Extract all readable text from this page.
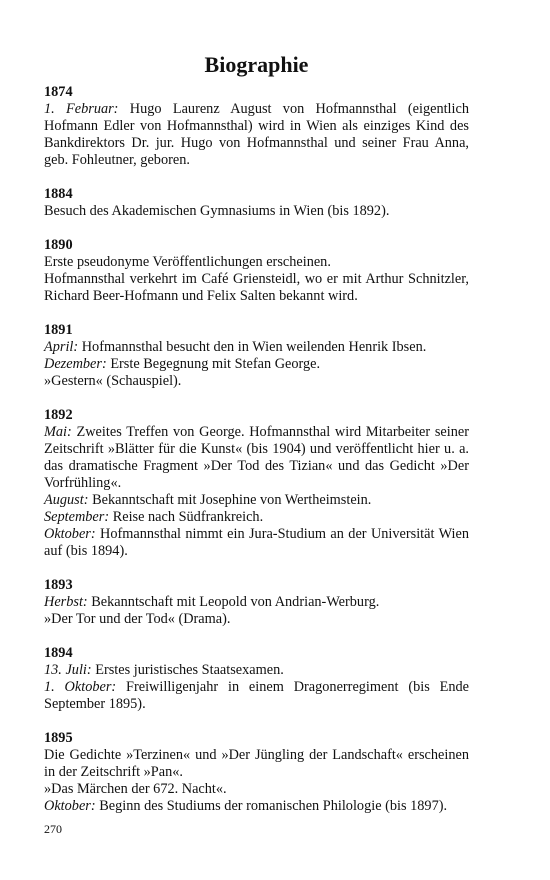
Biographie
1874
1. Februar: Hugo Laurenz August von Hofmannsthal (eigentlich Hofmann Edler von Hofmannsthal) wird in Wien als einziges Kind des Bankdirektors Dr. jur. Hugo von Hofmannsthal und seiner Frau Anna, geb. Fohleutner, geboren.
1884
Besuch des Akademischen Gymnasiums in Wien (bis 1892).
1890
Erste pseudonyme Veröffentlichungen erscheinen.
Hofmannsthal verkehrt im Café Griensteidl, wo er mit Arthur Schnitzler, Richard Beer-Hofmann und Felix Salten bekannt wird.
1891
April: Hofmannsthal besucht den in Wien weilenden Henrik Ibsen.
Dezember: Erste Begegnung mit Stefan George.
»Gestern« (Schauspiel).
1892
Mai: Zweites Treffen von George. Hofmannsthal wird Mitarbeiter seiner Zeitschrift »Blätter für die Kunst« (bis 1904) und veröffentlicht hier u. a. das dramatische Fragment »Der Tod des Tizian« und das Gedicht »Der Vorfrühling«.
August: Bekanntschaft mit Josephine von Wertheimstein.
September: Reise nach Südfrankreich.
Oktober: Hofmannsthal nimmt ein Jura-Studium an der Universität Wien auf (bis 1894).
1893
Herbst: Bekanntschaft mit Leopold von Andrian-Werburg.
»Der Tor und der Tod« (Drama).
1894
13. Juli: Erstes juristisches Staatsexamen.
1. Oktober: Freiwilligenjahr in einem Dragonerregiment (bis Ende September 1895).
1895
Die Gedichte »Terzinen« und »Der Jüngling der Landschaft« erscheinen in der Zeitschrift »Pan«.
»Das Märchen der 672. Nacht«.
Oktober: Beginn des Studiums der romanischen Philologie (bis 1897).
270
